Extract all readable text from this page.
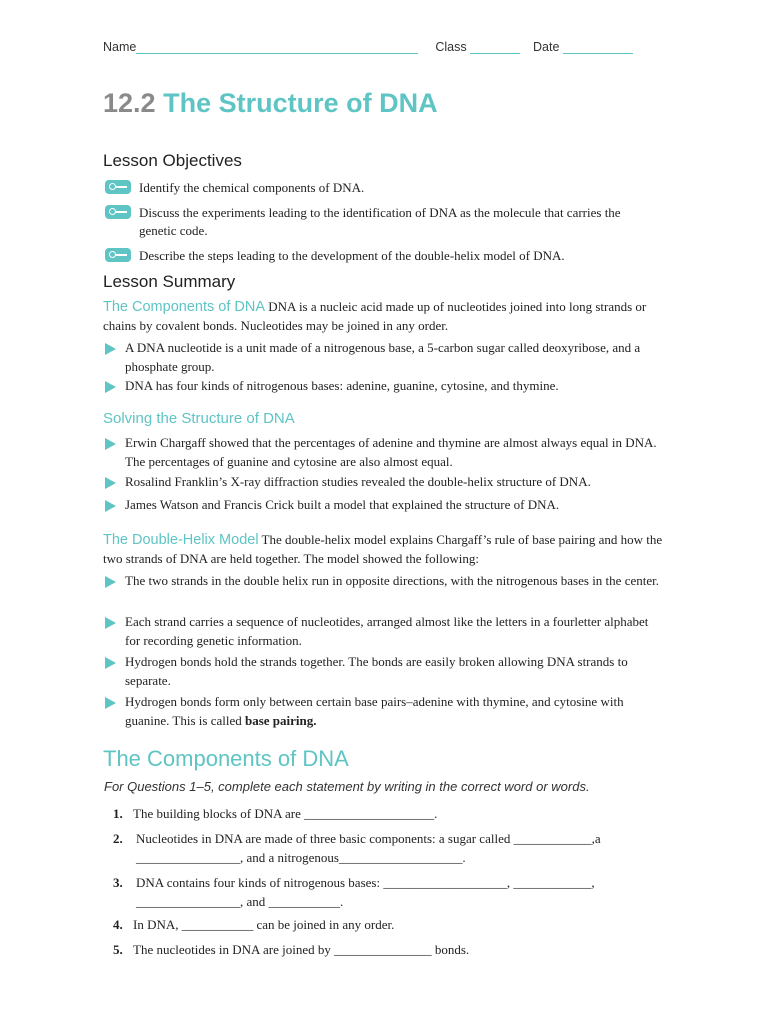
Name	Class	Date
12.2 The Structure of DNA
Lesson Objectives
Identify the chemical components of DNA.
Discuss the experiments leading to the identification of DNA as the molecule that carries the genetic code.
Describe the steps leading to the development of the double-helix model of DNA.
Lesson Summary
The Components of DNA DNA is a nucleic acid made up of nucleotides joined into long strands or chains by covalent bonds. Nucleotides may be joined in any order.
A DNA nucleotide is a unit made of a nitrogenous base, a 5-carbon sugar called deoxyribose, and a phosphate group.
DNA has four kinds of nitrogenous bases: adenine, guanine, cytosine, and thymine.
Solving the Structure of DNA
Erwin Chargaff showed that the percentages of adenine and thymine are almost always equal in DNA. The percentages of guanine and cytosine are also almost equal.
Rosalind Franklin’s X-ray diffraction studies revealed the double-helix structure of DNA.
James Watson and Francis Crick built a model that explained the structure of DNA.
The Double-Helix Model The double-helix model explains Chargaff’s rule of base pairing and how the two strands of DNA are held together. The model showed the following:
The two strands in the double helix run in opposite directions, with the nitrogenous bases in the center.
Each strand carries a sequence of nucleotides, arranged almost like the letters in a fourletter alphabet for recording genetic information.
Hydrogen bonds hold the strands together. The bonds are easily broken allowing DNA strands to separate.
Hydrogen bonds form only between certain base pairs–adenine with thymine, and cytosine with guanine. This is called base pairing.
The Components of DNA
For Questions 1–5, complete each statement by writing in the correct word or words.
1. The building blocks of DNA are ____________________.
2. Nucleotides in DNA are made of three basic components: a sugar called ____________,a ________________, and a nitrogenous___________________.
3. DNA contains four kinds of nitrogenous bases: ___________________, ____________, ________________, and ___________.
4. In DNA, ___________ can be joined in any order.
5. The nucleotides in DNA are joined by _______________ bonds.
